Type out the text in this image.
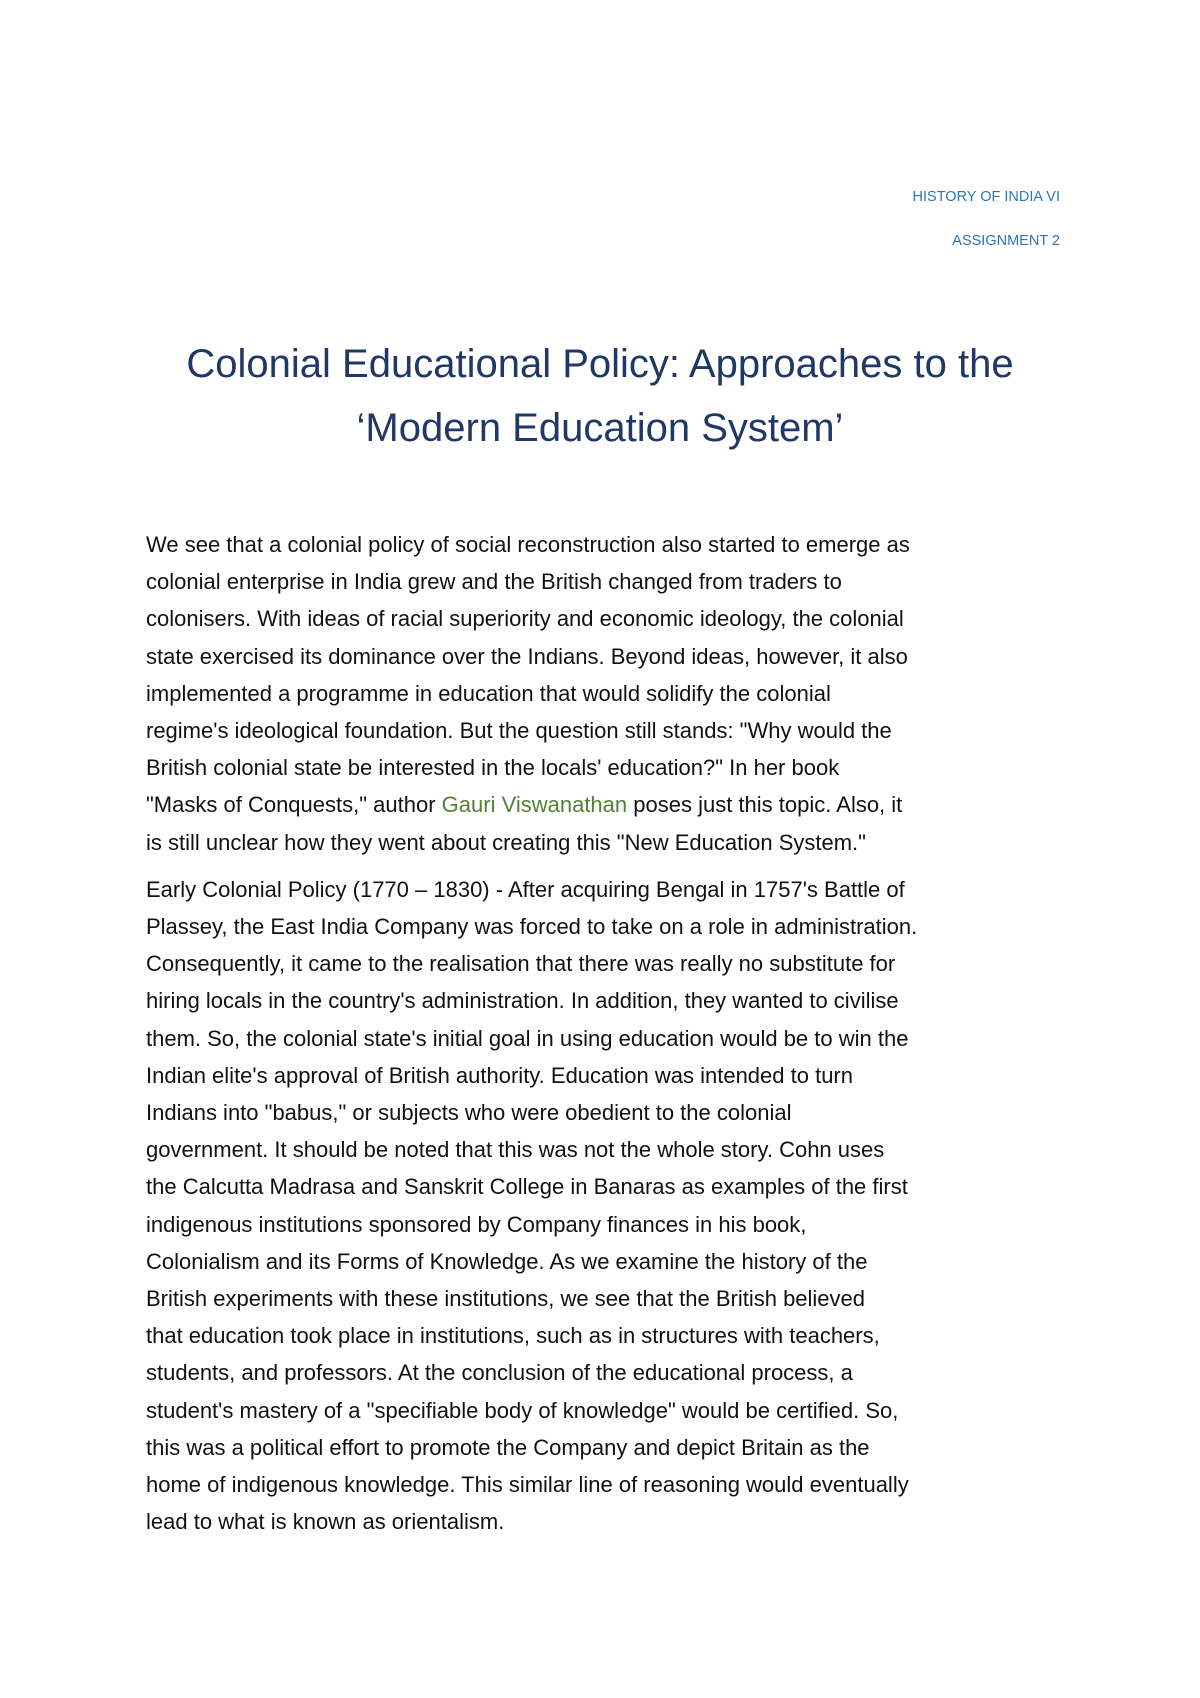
HISTORY OF INDIA VI
ASSIGNMENT 2
Colonial Educational Policy: Approaches to the
‘Modern Education System’

We see that a colonial policy of social reconstruction also started to emerge as
colonial enterprise in India grew and the British changed from traders to
colonisers. With ideas of racial superiority and economic ideology, the colonial
state exercised its dominance over the Indians. Beyond ideas, however, it also
implemented a programme in education that would solidify the colonial
regime's ideological foundation. But the question still stands: "Why would the
British colonial state be interested in the locals' education?" In her book
"Masks of Conquests," author Gauri Viswanathan poses just this topic. Also, it
is still unclear how they went about creating this "New Education System."

Early Colonial Policy (1770 – 1830) - After acquiring Bengal in 1757's Battle of
Plassey, the East India Company was forced to take on a role in administration.
Consequently, it came to the realisation that there was really no substitute for
hiring locals in the country's administration. In addition, they wanted to civilise
them. So, the colonial state's initial goal in using education would be to win the
Indian elite's approval of British authority. Education was intended to turn
Indians into "babus," or subjects who were obedient to the colonial
government. It should be noted that this was not the whole story. Cohn uses
the Calcutta Madrasa and Sanskrit College in Banaras as examples of the first
indigenous institutions sponsored by Company finances in his book,
Colonialism and its Forms of Knowledge. As we examine the history of the
British experiments with these institutions, we see that the British believed
that education took place in institutions, such as in structures with teachers,
students, and professors. At the conclusion of the educational process, a
student's mastery of a "specifiable body of knowledge" would be certified. So,
this was a political effort to promote the Company and depict Britain as the
home of indigenous knowledge. This similar line of reasoning would eventually
lead to what is known as orientalism.
